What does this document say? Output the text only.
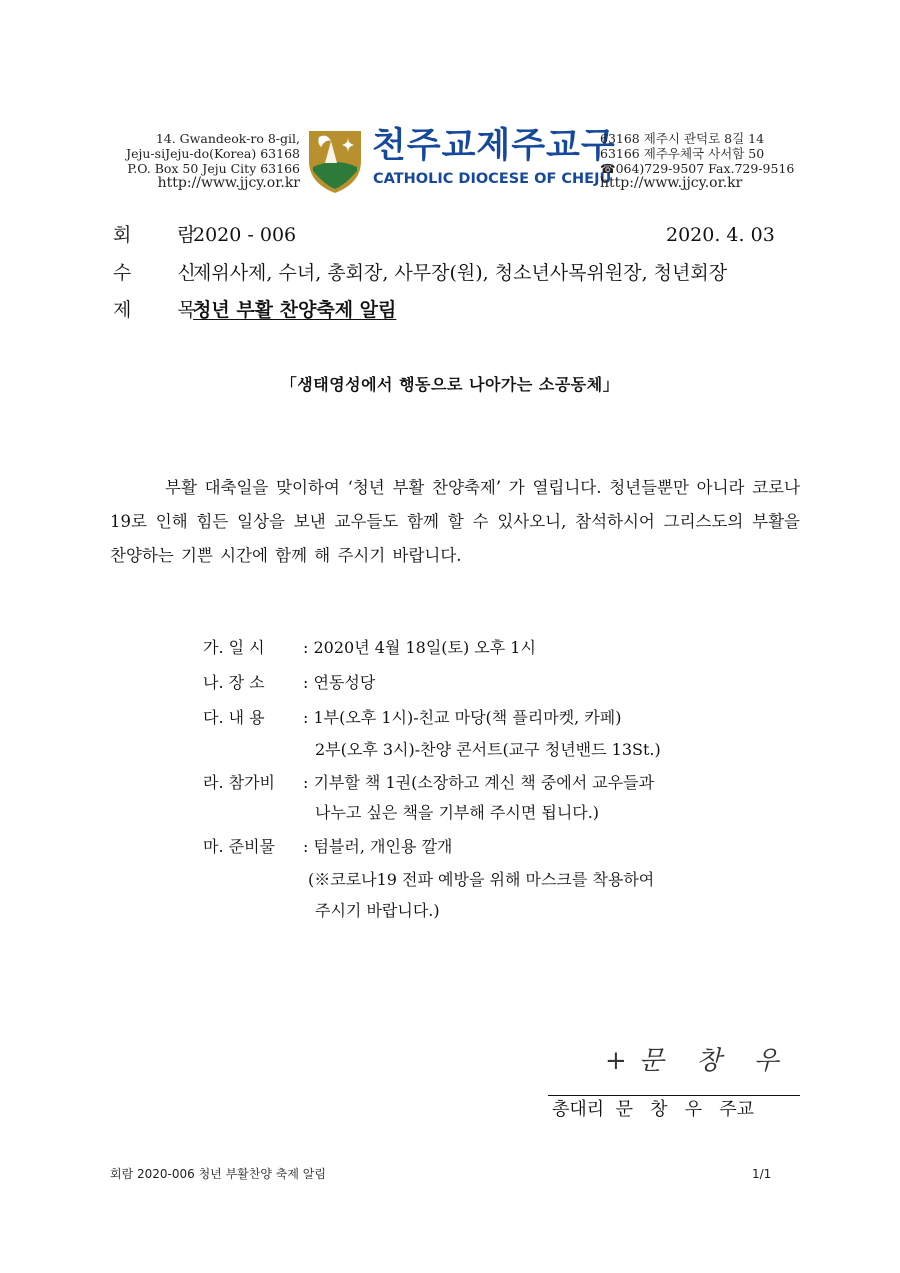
14. Gwandeok-ro 8-gil,
Jeju-siJeju-do(Korea) 63168
P.O. Box 50 Jeju City 63166
http://www.jjcy.or.kr
천주교제주교구
CATHOLIC DIOCESE OF CHEJU
63168 제주시 관덕로 8길 14
63166 제주우체국 사서함 50
☎064)729-9507 Fax.729-9516
http://www.jjcy.or.kr
회 람
2020 - 006	2020. 4. 03
수 신
제위사제, 수녀, 총회장, 사무장(원), 청소년사목위원장, 청년회장
제 목
청년 부활 찬양축제 알림
「생태영성에서 행동으로 나아가는 소공동체」
부활 대축일을 맞이하여 ‘청년 부활 찬양축제’ 가 열립니다. 청년들뿐만 아니라 코로나19로 인해 힘든 일상을 보낸 교우들도 함께 할 수 있사오니, 참석하시어 그리스도의 부활을 찬양하는 기쁜 시간에 함께 해 주시기 바랍니다.
가. 일 시 : 2020년 4월 18일(토) 오후 1시
나. 장 소 : 연동성당
다. 내 용 : 1부(오후 1시)-친교 마당(책 플리마켓, 카페)
2부(오후 3시)-찬양 콘서트(교구 청년밴드 13St.)
라. 참가비 : 기부할 책 1권(소장하고 계신 책 중에서 교우들과
나누고 싶은 책을 기부해 주시면 됩니다.)
마. 준비물 : 텀블러, 개인용 깔개
(※코로나19 전파 예방을 위해 마스크를 착용하여
주시기 바랍니다.)
+문 창 우
총대리  문   창   우   주교
회람 2020-006 청년 부활찬양 축제 알림	1/1
